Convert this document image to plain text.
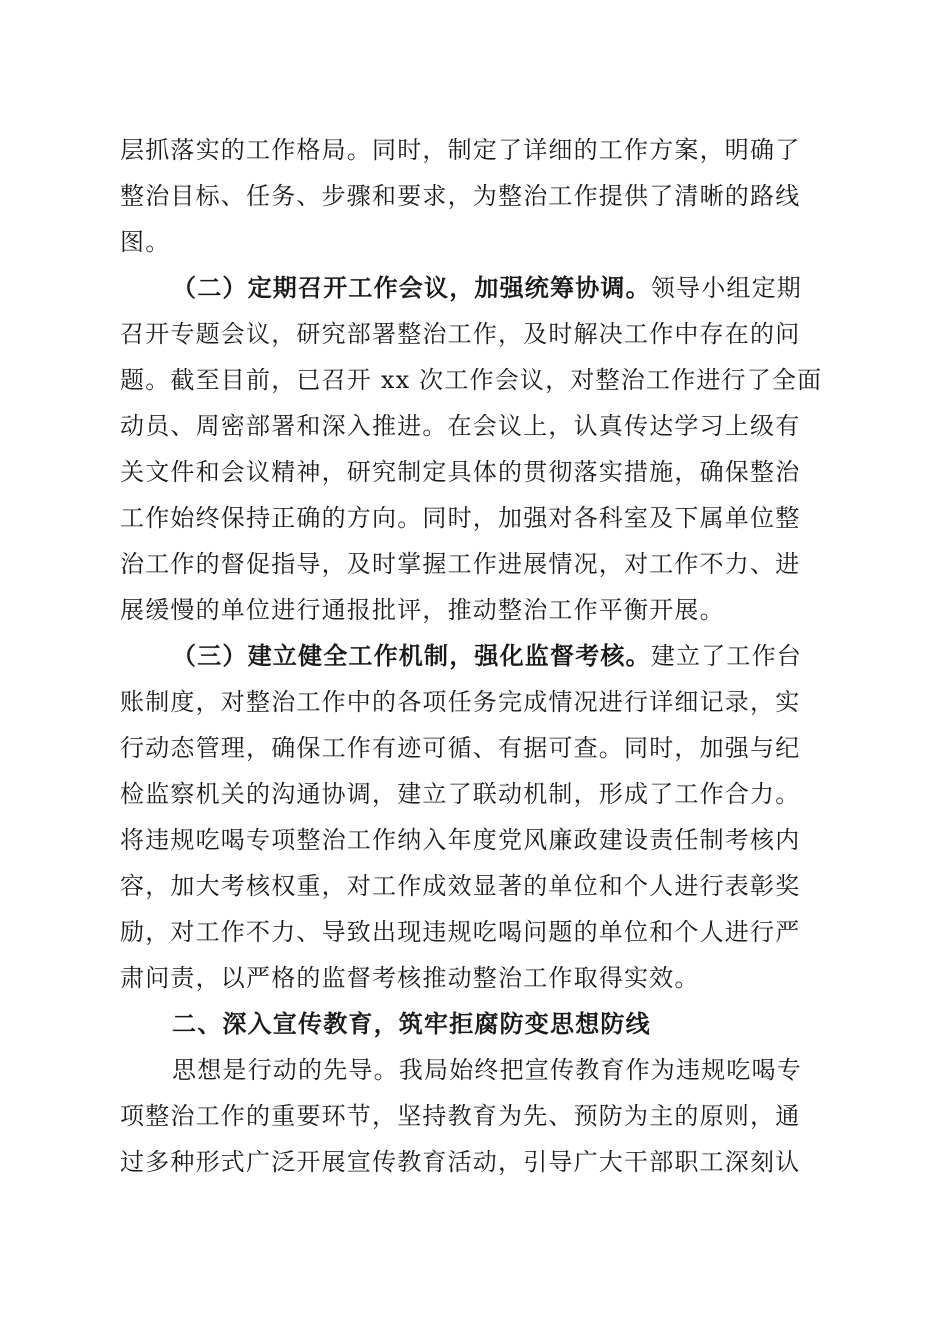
层抓落实的工作格局。同时，制定了详细的工作方案，明确了
整治目标、任务、步骤和要求，为整治工作提供了清晰的路线
图。
（二）定期召开工作会议，加强统筹协调。领导小组定期
召开专题会议，研究部署整治工作，及时解决工作中存在的问
题。截至目前，已召开 xx 次工作会议，对整治工作进行了全面
动员、周密部署和深入推进。在会议上，认真传达学习上级有
关文件和会议精神，研究制定具体的贯彻落实措施，确保整治
工作始终保持正确的方向。同时，加强对各科室及下属单位整
治工作的督促指导，及时掌握工作进展情况，对工作不力、进
展缓慢的单位进行通报批评，推动整治工作平衡开展。
（三）建立健全工作机制，强化监督考核。建立了工作台
账制度，对整治工作中的各项任务完成情况进行详细记录，实
行动态管理，确保工作有迹可循、有据可查。同时，加强与纪
检监察机关的沟通协调，建立了联动机制，形成了工作合力。
将违规吃喝专项整治工作纳入年度党风廉政建设责任制考核内
容，加大考核权重，对工作成效显著的单位和个人进行表彰奖
励，对工作不力、导致出现违规吃喝问题的单位和个人进行严
肃问责，以严格的监督考核推动整治工作取得实效。
二、深入宣传教育，筑牢拒腐防变思想防线
思想是行动的先导。我局始终把宣传教育作为违规吃喝专
项整治工作的重要环节，坚持教育为先、预防为主的原则，通
过多种形式广泛开展宣传教育活动，引导广大干部职工深刻认
